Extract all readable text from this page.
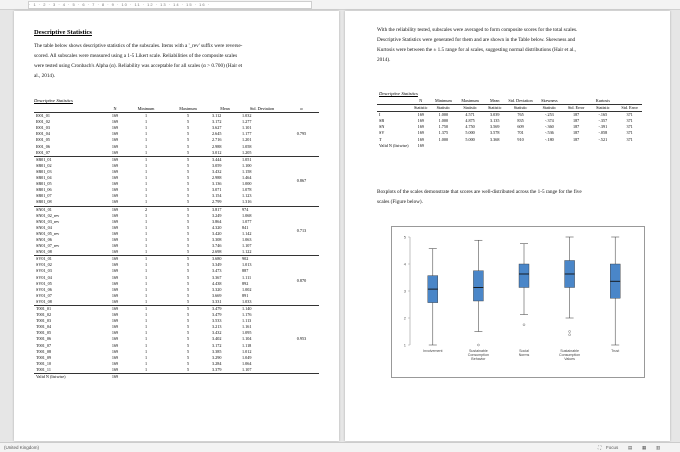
· 1 · 2 · 3 · 4 · 5 · 6 · 7 · 8 · 9 · 10 · 11 · 12 · 13 · 14 · 15 · 16 ·
Descriptive Statistics
The table below shows descriptive statistics of the subscales. Items with a '_rev' suffix were reverse-
scored. All subscales were measured using a 1-5 Likert scale. Reliabilities of the composite scales
were tested using Cronbach's Alpha (α). Reliability was acceptable for all scales (α > 0.700) (Hair et
al., 2014).
Descriptive Statistics
	N	Minimum	Maximum	Mean	Std. Deviation	α
I001_01	169	1	5	3.112	1.032	0.795
I001_02	169	1	5	3.172	1.277	
I001_03	169	1	5	3.627	1.101	
I001_04	169	1	5	2.645	1.177	
I001_05	169	1	5	2.716	1.201	
I001_06	169	1	5	2.988	1.058	
I001_07	169	1	5	3.012	1.205	
SB01_01	169	1	5	3.444	1.051	0.867
SB01_02	169	1	5	3.059	1.100	
SB01_03	169	1	5	3.432	1.158	
SB01_04	169	1	5	2.988	1.464	
SB01_05	169	1	5	3.136	1.000	
SB01_06	169	1	5	3.071	1.078	
SB01_07	169	1	5	3.154	1.123	
SB01_08	169	1	5	2.799	1.316	
SN01_01	169	2	5	3.817	974	0.713
SN01_02_rev	169	1	5	3.249	1.068	
SN01_03_rev	169	1	5	3.864	1.077	
SN01_04	169	1	5	4.320	841	
SN01_05_rev	169	1	5	3.420	1.142	
SN01_06	169	1	5	3.308	1.063	
SN01_07_rev	169	1	5	3.746	1.107	
SN01_08	169	1	5	2.698	1.122	
SV01_01	169	1	5	3.680	902	0.870
SV01_02	169	1	5	3.349	1.013	
SV01_03	169	1	5	3.473	887	
SV01_04	169	1	5	3.367	1.111	
SV01_05	169	1	5	4.438	892	
SV01_06	169	1	5	3.320	1.002	
SV01_07	169	1	5	3.669	891	
SV01_08	169	1	5	3.331	1.033	
T001_01	169	1	5	3.479	1.140	0.953
T001_02	169	1	5	3.479	1.176	
T001_03	169	1	5	3.533	1.113	
T001_04	169	1	5	3.213	1.161	
T001_05	169	1	5	3.432	1.095	
T001_06	169	1	5	3.402	1.104	
T001_07	169	1	5	3.172	1.118	
T001_08	169	1	5	3.385	1.012	
T001_09	169	1	5	3.290	1.049	
T001_10	169	1	5	3.284	1.064	
T001_11	169	1	5	3.379	1.107	
Valid N (listwise)	169					
With the reliability tested, subscales were averaged to form composite scores for the total scales.
Descriptive Statistics were generated for them and are shown in the Table below. Skewness and
Kurtosis were between the ± 1.5 range for al scales, suggesting normal distributions (Hair et al.,
2014).
Descriptive Statistics
	N	Minimum	Maximum	Mean	Std. Deviation	Skewness		Kurtosis	
	Statistic	Statistic	Statistic	Statistic	Statistic	Statistic	Std. Error	Statistic	Std. Error
I	169	1.000	4.571	3.039	765	-.253	187	-.165	371
SB	169	1.000	4.875	3.135	835	-.374	187	-.357	371
SN	169	1.750	4.750	3.569	609	-.360	187	-.391	371
SV	169	1.375	5.000	3.578	701	-.536	187	-.058	371
T	169	1.000	5.000	3.368	910	-.180	187	-.521	371
Valid N (listwise)	169								
Boxplots of the scales demonstrate that scores are well-distributed across the 1-5 range for the five
scales (Figure below).
1
2
3
4
5
Involvement	Sustainable Consumption Behavior
Social Norms
Sustainable Consumption Values
Trust
(United Kingdom)	⛶ Focus ▤ ▦ ▥
